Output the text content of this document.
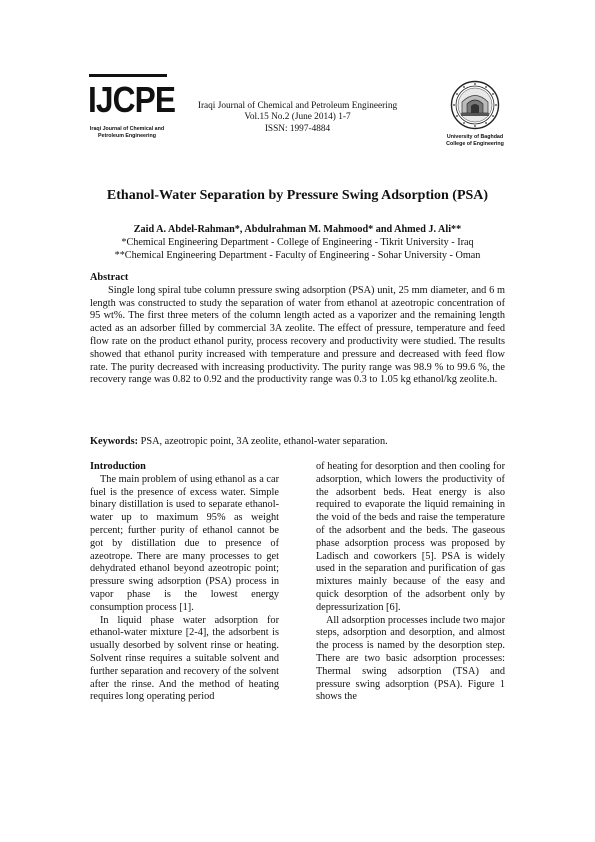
IJCPE
Iraqi Journal of Chemical and Petroleum Engineering
Iraqi Journal of Chemical and Petroleum Engineering
Vol.15 No.2 (June 2014) 1-7
ISSN: 1997-4884
University of Baghdad College of Engineering
Ethanol-Water Separation by Pressure Swing Adsorption (PSA)
Zaid A. Abdel-Rahman*, Abdulrahman M. Mahmood* and Ahmed J. Ali**
*Chemical Engineering Department - College of Engineering - Tikrit University - Iraq
**Chemical Engineering Department - Faculty of Engineering - Sohar University - Oman
Abstract

Single long spiral tube column pressure swing adsorption (PSA) unit, 25 mm diameter, and 6 m length was constructed to study the separation of water from ethanol at azeotropic concentration of 95 wt%. The first three meters of the column length acted as a vaporizer and the remaining length acted as an adsorber filled by commercial 3A zeolite. The effect of pressure, temperature and feed flow rate on the product ethanol purity, process recovery and productivity were studied. The results showed that ethanol purity increased with temperature and pressure and decreased with feed flow rate. The purity decreased with increasing productivity. The purity range was 98.9 % to 99.6 %, the recovery range was 0.82 to 0.92 and the productivity range was 0.3 to 1.05 kg ethanol/kg zeolite.h.

Keywords: PSA, azeotropic point, 3A zeolite, ethanol-water separation.
Introduction

The main problem of using ethanol as a car fuel is the presence of excess water. Simple binary distillation is used to separate ethanol-water up to maximum 95% as weight percent; further purity of ethanol cannot be got by distillation due to presence of azeotrope. There are many processes to get dehydrated ethanol beyond azeotropic point; pressure swing adsorption (PSA) process in vapor phase is the lowest energy consumption process [1].

In liquid phase water adsorption for ethanol-water mixture [2-4], the adsorbent is usually desorbed by solvent rinse or heating. Solvent rinse requires a suitable solvent and further separation and recovery of the solvent after the rinse. And the method of heating requires long operating period

of heating for desorption and then cooling for adsorption, which lowers the productivity of the adsorbent beds. Heat energy is also required to evaporate the liquid remaining in the void of the beds and raise the temperature of the adsorbent and the beds. The gaseous phase adsorption process was proposed by Ladisch and coworkers [5]. PSA is widely used in the separation and purification of gas mixtures mainly because of the easy and quick desorption of the adsorbent only by depressurization [6].

All adsorption processes include two major steps, adsorption and desorption, and almost the process is named by the desorption step. There are two basic adsorption processes: Thermal swing adsorption (TSA) and pressure swing adsorption (PSA). Figure 1 shows the
